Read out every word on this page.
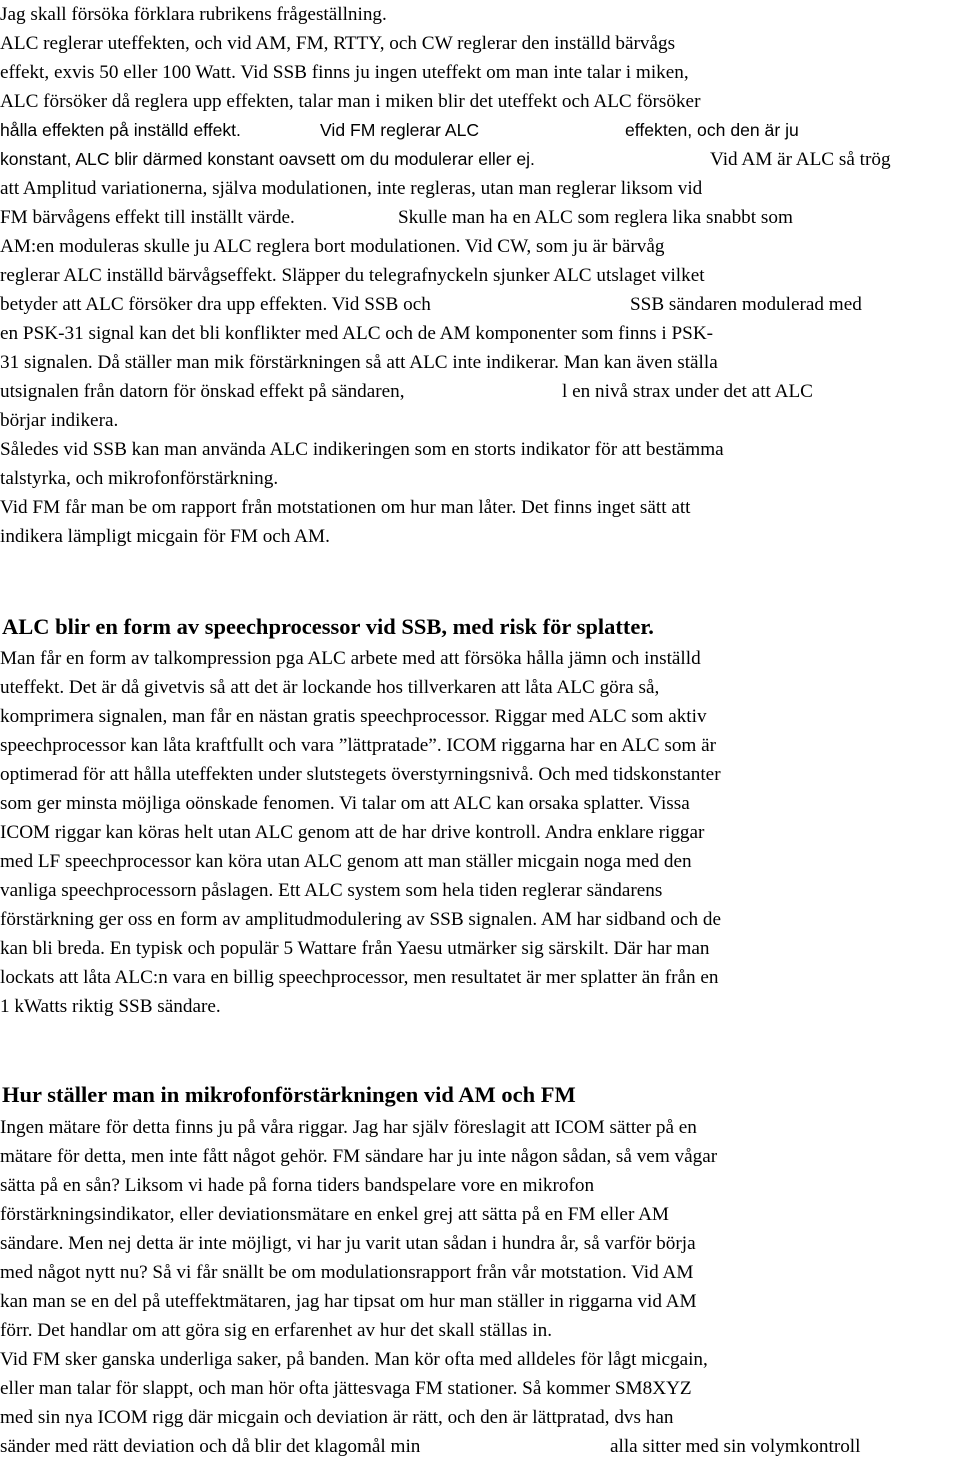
Jag skall försöka förklara rubrikens frågeställning.
ALC reglerar uteffekten, och vid AM, FM, RTTY, och CW reglerar den inställd bärvågs
effekt, exvis 50 eller 100 Watt. Vid SSB finns ju ingen uteffekt om man inte talar i miken,
ALC försöker då reglera upp effekten, talar man i miken blir det uteffekt och ALC försöker
hålla effekten på inställd effekt.	Vid FM reglerar ALC	effekten, och den är ju
konstant, ALC blir därmed konstant oavsett om du modulerar eller ej.	Vid AM är ALC så trög
att Amplitud variationerna, själva modulationen, inte regleras, utan man reglerar liksom vid
FM bärvågens effekt till inställt värde.	Skulle man ha en ALC som reglera lika snabbt som
AM:en moduleras skulle ju ALC reglera bort modulationen. Vid CW, som ju är bärvåg
reglerar ALC inställd bärvågseffekt. Släpper du telegrafnyckeln sjunker ALC utslaget vilket
betyder att ALC försöker dra upp effekten. Vid SSB och	SSB sändaren modulerad med
en PSK-31 signal kan det bli konflikter med ALC och de AM komponenter som finns i PSK-
31 signalen. Då ställer man mik förstärkningen så att ALC inte indikerar. Man kan även ställa
utsignalen från datorn för önskad effekt på sändaren,	l en nivå strax under det att ALC
börjar indikera.
Således vid SSB kan man använda ALC indikeringen som en storts indikator för att bestämma
talstyrka, och mikrofonförstärkning.
Vid FM får man be om rapport från motstationen om hur man låter. Det finns inget sätt att
indikera lämpligt micgain för FM och AM.
ALC blir en form av speechprocessor vid SSB, med risk för splatter.
Man får en form av talkompression pga ALC arbete med att försöka hålla jämn och inställd
uteffekt. Det är då givetvis så att det är lockande hos tillverkaren att låta ALC göra så,
komprimera signalen, man får en nästan gratis speechprocessor. Riggar med ALC som aktiv
speechprocessor kan låta kraftfullt och vara ”lättpratade”. ICOM riggarna har en ALC som är
optimerad för att hålla uteffekten under slutstegets överstyrningsnivå. Och med tidskonstanter
som ger minsta möjliga oönskade fenomen. Vi talar om att ALC kan orsaka splatter. Vissa
ICOM riggar kan köras helt utan ALC genom att de har drive kontroll. Andra enklare riggar
med LF speechprocessor kan köra utan ALC genom att man ställer micgain noga med den
vanliga speechprocessorn påslagen. Ett ALC system som hela tiden reglerar sändarens
förstärkning ger oss en form av amplitudmodulering av SSB signalen. AM har sidband och de
kan bli breda. En typisk och populär 5 Wattare från Yaesu utmärker sig särskilt. Där har man
lockats att låta ALC:n vara en billig speechprocessor, men resultatet är mer splatter än från en
1 kWatts riktig SSB sändare.
Hur ställer man in mikrofonförstärkningen vid AM och FM
Ingen mätare för detta finns ju på våra riggar. Jag har själv föreslagit att ICOM sätter på en
mätare för detta, men inte fått något gehör. FM sändare har ju inte någon sådan, så vem vågar
sätta på en sån? Liksom vi hade på forna tiders bandspelare vore en mikrofon
förstärkningsindikator, eller deviationsmätare en enkel grej att sätta på en FM eller AM
sändare. Men nej detta är inte möjligt, vi har ju varit utan sådan i hundra år, så varför börja
med något nytt nu? Så vi får snällt be om modulationsrapport från vår motstation. Vid AM
kan man se en del på uteffektmätaren, jag har tipsat om hur man ställer in riggarna vid AM
förr. Det handlar om att göra sig en erfarenhet av hur det skall ställas in.
Vid FM sker ganska underliga saker, på banden. Man kör ofta med alldeles för lågt micgain,
eller man talar för slappt, och man hör ofta jättesvaga FM stationer. Så kommer SM8XYZ
med sin nya ICOM rigg där micgain och deviation är rätt, och den är lättpratad, dvs han
sänder med rätt deviation och då blir det klagomål min	alla sitter med sin volymkontroll
